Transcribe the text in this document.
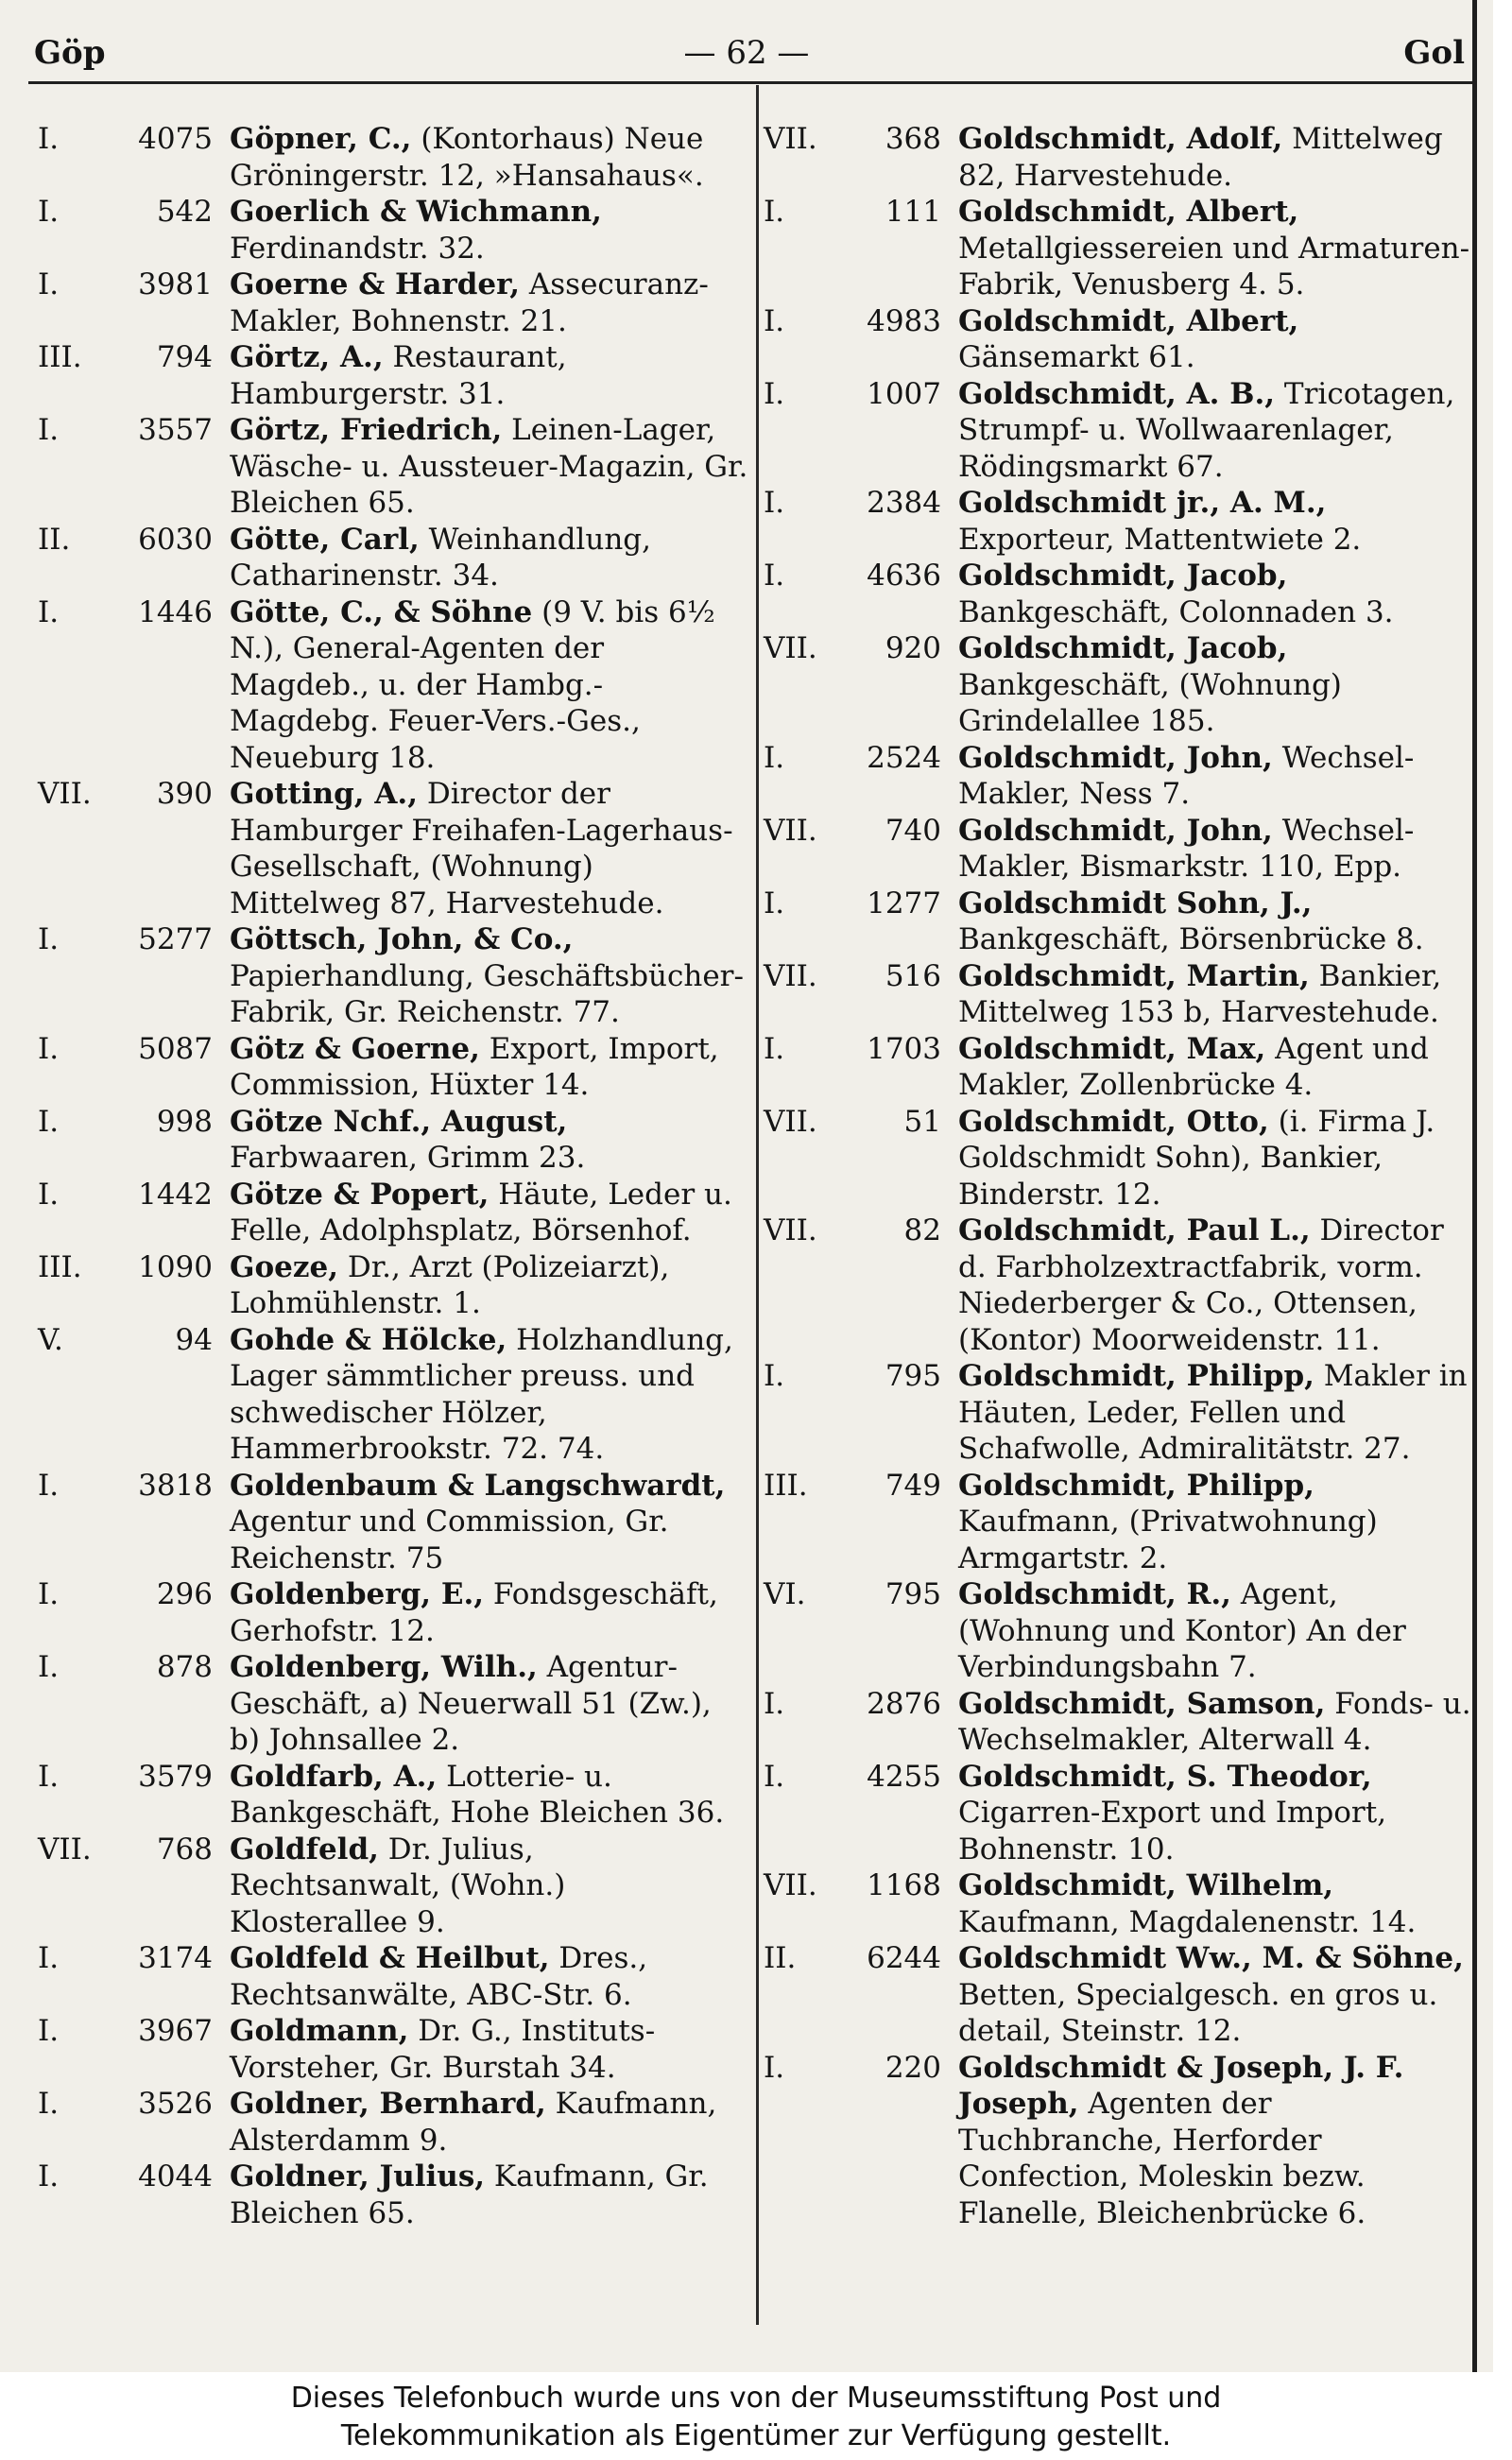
Göp	— 62 —	Gol
I.	4075 Göpner, C., (Kontorhaus) Neue Gröningerstr. 12, »Hansahaus«.
I.	542 Goerlich & Wichmann, Ferdinandstr. 32.
I.	3981 Goerne & Harder, Assecuranz-Makler, Bohnenstr. 21.
III.	794 Görtz, A., Restaurant, Hamburgerstr. 31.
I.	3557 Görtz, Friedrich, Leinen-Lager, Wäsche- u. Aussteuer-Magazin, Gr. Bleichen 65.
II.	6030 Götte, Carl, Weinhandlung, Catharinenstr. 34.
I.	1446 Götte, C., & Söhne (9 V. bis 6½ N.), General-Agenten der Magdeb., u. der Hambg.-Magdebg. Feuer-Vers.-Ges., Neueburg 18.
VII.	390 Gotting, A., Director der Hamburger Freihafen-Lagerhaus-Gesellschaft, (Wohnung) Mittelweg 87, Harvestehude.
I.	5277 Göttsch, John, & Co., Papierhandlung, Geschäftsbücher-Fabrik, Gr. Reichenstr. 77.
I.	5087 Götz & Goerne, Export, Import, Commission, Hüxter 14.
I.	998 Götze Nchf., August, Farbwaaren, Grimm 23.
I.	1442 Götze & Popert, Häute, Leder u. Felle, Adolphsplatz, Börsenhof.
III.	1090 Goeze, Dr., Arzt (Polizeiarzt), Lohmühlenstr. 1.
V.	94 Gohde & Hölcke, Holzhandlung, Lager sämmtlicher preuss. und schwedischer Hölzer, Hammerbrookstr. 72. 74.
I.	3818 Goldenbaum & Langschwardt, Agentur und Commission, Gr. Reichenstr. 75
I.	296 Goldenberg, E., Fondsgeschäft, Gerhofstr. 12.
I.	878 Goldenberg, Wilh., Agentur-Geschäft, a) Neuerwall 51 (Zw.), b) Johnsallee 2.
I.	3579 Goldfarb, A., Lotterie- u. Bankgeschäft, Hohe Bleichen 36.
VII.	768 Goldfeld, Dr. Julius, Rechtsanwalt, (Wohn.) Klosterallee 9.
I.	3174 Goldfeld & Heilbut, Dres., Rechtsanwälte, ABC-Str. 6.
I.	3967 Goldmann, Dr. G., Instituts-Vorsteher, Gr. Burstah 34.
I.	3526 Goldner, Bernhard, Kaufmann, Alsterdamm 9.
I.	4044 Goldner, Julius, Kaufmann, Gr. Bleichen 65.
VII.	368 Goldschmidt, Adolf, Mittelweg 82, Harvestehude.
I.	111 Goldschmidt, Albert, Metallgiessereien und Armaturen-Fabrik, Venusberg 4. 5.
I.	4983 Goldschmidt, Albert, Gänsemarkt 61.
I.	1007 Goldschmidt, A. B., Tricotagen, Strumpf- u. Wollwaarenlager, Rödingsmarkt 67.
I.	2384 Goldschmidt jr., A. M., Exporteur, Mattentwiete 2.
I.	4636 Goldschmidt, Jacob, Bankgeschäft, Colonnaden 3.
VII.	920 Goldschmidt, Jacob, Bankgeschäft, (Wohnung) Grindelallee 185.
I.	2524 Goldschmidt, John, Wechsel-Makler, Ness 7.
VII.	740 Goldschmidt, John, Wechsel-Makler, Bismarkstr. 110, Epp.
I.	1277 Goldschmidt Sohn, J., Bankgeschäft, Börsenbrücke 8.
VII.	516 Goldschmidt, Martin, Bankier, Mittelweg 153 b, Harvestehude.
I.	1703 Goldschmidt, Max, Agent und Makler, Zollenbrücke 4.
VII.	51 Goldschmidt, Otto, (i. Firma J. Goldschmidt Sohn), Bankier, Binderstr. 12.
VII.	82 Goldschmidt, Paul L., Director d. Farbholzextractfabrik, vorm. Niederberger & Co., Ottensen, (Kontor) Moorweidenstr. 11.
I.	795 Goldschmidt, Philipp, Makler in Häuten, Leder, Fellen und Schafwolle, Admiralitätstr. 27.
III.	749 Goldschmidt, Philipp, Kaufmann, (Privatwohnung) Armgartstr. 2.
VI.	795 Goldschmidt, R., Agent, (Wohnung und Kontor) An der Verbindungsbahn 7.
I.	2876 Goldschmidt, Samson, Fonds- u. Wechselmakler, Alterwall 4.
I.	4255 Goldschmidt, S. Theodor, Cigarren-Export und Import, Bohnenstr. 10.
VII.	1168 Goldschmidt, Wilhelm, Kaufmann, Magdalenenstr. 14.
II.	6244 Goldschmidt Ww., M. & Söhne, Betten, Specialgesch. en gros u. detail, Steinstr. 12.
I.	220 Goldschmidt & Joseph, J. F. Joseph, Agenten der Tuchbranche, Herforder Confection, Moleskin bezw. Flanelle, Bleichenbrücke 6.
Dieses Telefonbuch wurde uns von der Museumsstiftung Post und
Telekommunikation als Eigentümer zur Verfügung gestellt.
